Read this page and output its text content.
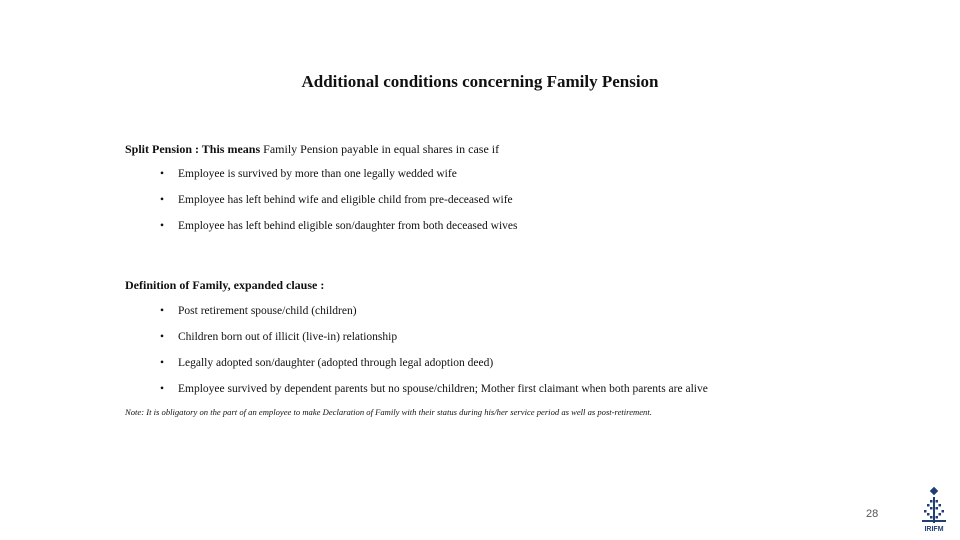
Additional conditions concerning Family Pension
Split Pension : This means Family Pension payable in equal shares in case if
• Employee is survived by more than one legally wedded wife
• Employee has left behind wife and eligible child from pre-deceased wife
• Employee has left behind eligible son/daughter from both deceased wives
Definition of Family, expanded clause :
• Post retirement spouse/child (children)
• Children born out of illicit (live-in) relationship
• Legally adopted son/daughter (adopted through legal adoption deed)
• Employee survived by dependent parents but no spouse/children; Mother first claimant when both parents are alive
Note: It is obligatory on the part of an employee to make Declaration of Family with their status during his/her service period as well as post-retirement.
28
IRIFM
